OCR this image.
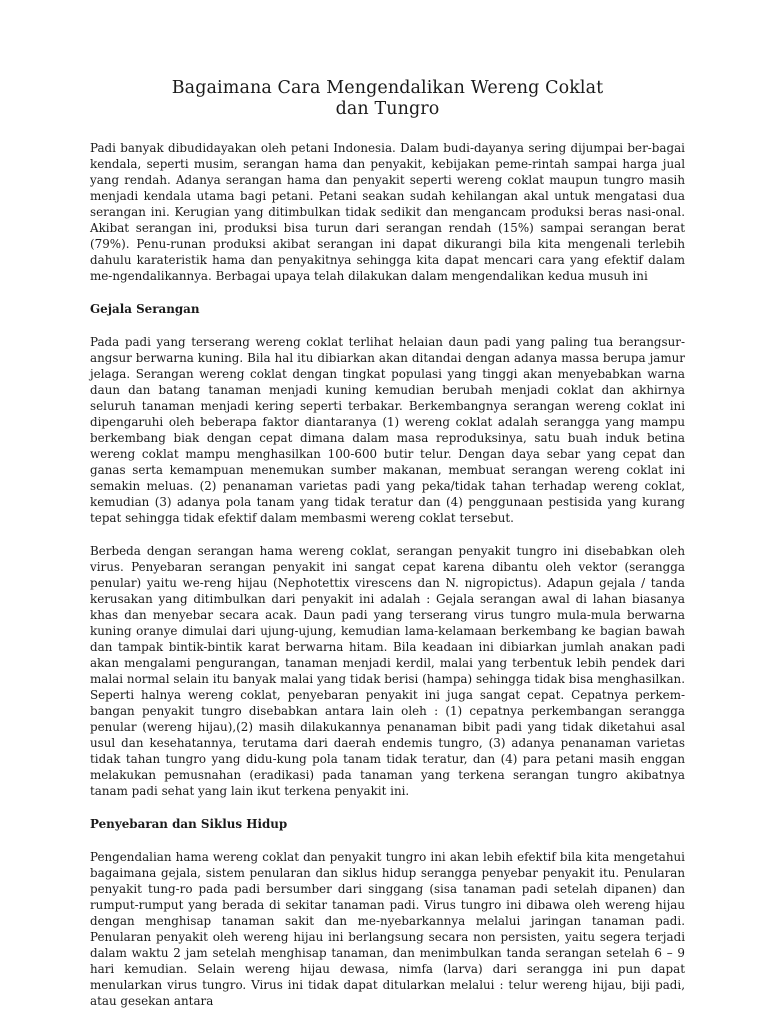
Bagaimana Cara Mengendalikan Wereng Coklat
dan Tungro

Padi banyak dibudidayakan oleh petani Indonesia. Dalam budi-dayanya sering dijumpai ber-bagai kendala, seperti musim, serangan hama dan penyakit, kebijakan peme-rintah sampai harga jual yang rendah. Adanya serangan hama dan penyakit seperti wereng coklat maupun tungro masih menjadi kendala utama bagi petani. Petani seakan sudah kehilangan akal untuk mengatasi dua serangan ini. Kerugian yang ditimbulkan tidak sedikit dan mengancam produksi beras nasi-onal. Akibat serangan ini, produksi bisa turun dari serangan rendah (15%) sampai serangan berat (79%). Penu-runan produksi akibat serangan ini dapat dikurangi bila kita mengenali terlebih dahulu karateristik hama dan penyakitnya sehingga kita dapat mencari cara yang efektif dalam me-ngendalikannya. Berbagai upaya telah dilakukan dalam mengendalikan kedua musuh ini

Gejala Serangan

Pada padi yang terserang wereng coklat terlihat helaian daun padi yang paling tua berangsur-angsur berwarna kuning. Bila hal itu dibiarkan akan ditandai dengan adanya massa berupa jamur jelaga. Serangan wereng coklat dengan tingkat populasi yang tinggi akan menyebabkan warna daun dan batang tanaman menjadi kuning kemudian berubah menjadi coklat dan akhirnya seluruh tanaman menjadi kering seperti terbakar. Berkembangnya serangan wereng coklat ini dipengaruhi oleh beberapa faktor diantaranya (1) wereng coklat adalah serangga yang mampu berkembang biak dengan cepat dimana dalam masa reproduksinya, satu buah induk betina wereng coklat mampu menghasilkan 100-600 butir telur. Dengan daya sebar yang cepat dan ganas serta kemampuan menemukan sumber makanan, membuat serangan wereng coklat ini semakin meluas. (2) penanaman varietas padi yang peka/tidak tahan terhadap wereng coklat, kemudian (3) adanya pola tanam yang tidak teratur dan (4) penggunaan pestisida yang kurang tepat sehingga tidak efektif dalam membasmi wereng coklat tersebut.

Berbeda dengan serangan hama wereng coklat, serangan penyakit tungro ini disebabkan oleh virus. Penyebaran serangan penyakit ini sangat cepat karena dibantu oleh vektor (serangga penular) yaitu we-reng hijau (Nephotettix virescens dan N. nigropictus). Adapun gejala / tanda kerusakan yang ditimbulkan dari penyakit ini adalah : Gejala serangan awal di lahan biasanya khas dan menyebar secara acak. Daun padi yang terserang virus tungro mula-mula berwarna kuning oranye dimulai dari ujung-ujung, kemudian lama-kelamaan berkembang ke bagian bawah dan tampak bintik-bintik karat berwarna hitam. Bila keadaan ini dibiarkan jumlah anakan padi akan mengalami pengurangan, tanaman menjadi kerdil, malai yang terbentuk lebih pendek dari malai normal selain itu banyak malai yang tidak berisi (hampa) sehingga tidak bisa menghasilkan. Seperti halnya wereng coklat, penyebaran penyakit ini juga sangat cepat. Cepatnya perkem-bangan penyakit tungro disebabkan antara lain oleh : (1) cepatnya perkembangan serangga penular (wereng hijau),(2) masih dilakukannya penanaman bibit padi yang tidak diketahui asal usul dan kesehatannya, terutama dari daerah endemis tungro, (3) adanya penanaman varietas tidak tahan tungro yang didu-kung pola tanam tidak teratur, dan (4) para petani masih enggan melakukan pemusnahan (eradikasi) pada tanaman yang terkena serangan tungro akibatnya tanam padi sehat yang lain ikut terkena penyakit ini.

Penyebaran dan Siklus Hidup

Pengendalian hama wereng coklat dan penyakit tungro ini akan lebih efektif bila kita mengetahui bagaimana gejala, sistem penularan dan siklus hidup serangga penyebar penyakit itu. Penularan penyakit tung-ro pada padi bersumber dari singgang (sisa tanaman padi setelah dipanen) dan rumput-rumput yang berada di sekitar tanaman padi. Virus tungro ini dibawa oleh wereng hijau dengan menghisap tanaman sakit dan me-nyebarkannya melalui jaringan tanaman padi. Penularan penyakit oleh wereng hijau ini berlangsung secara non persisten, yaitu segera terjadi dalam waktu 2 jam setelah menghisap tanaman, dan menimbulkan tanda serangan setelah 6 – 9 hari kemudian. Selain wereng hijau dewasa, nimfa (larva) dari serangga ini pun dapat menularkan virus tungro. Virus ini tidak dapat ditularkan melalui : telur wereng hijau, biji padi, atau gesekan antara
